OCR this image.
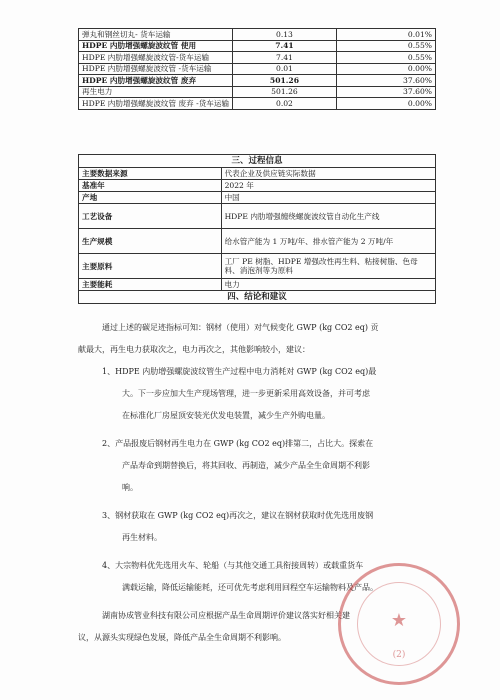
弹丸和钢丝切丸- 货车运输	0.13	0.01%
HDPE 内肋增强螺旋波纹管 使用	7.41	0.55%
HDPE 内肋增强螺旋波纹管-货车运输	7.41	0.55%
HDPE 内肋增强螺旋波纹管 -货车运输	0.01	0.00%
HDPE 内肋增强螺旋波纹管 废弃	501.26	37.60%
再生电力	501.26	37.60%
HDPE 内肋增强螺旋波纹管 废弃 -货车运输	0.02	0.00%
三、过程信息	
主要数据来源	代表企业及供应链实际数据
基准年	2022 年
产地	中国
工艺设备	HDPE 内肋增强缠绕螺旋波纹管自动化生产线
生产规模	给水管产能为 1 万吨/年、排水管产能为 2 万吨/年
主要原料	工厂 PE 树脂、HDPE 增强改性再生料、粘接树脂、色母料、消泡剂等为原料
主要能耗	电力
四、结论和建议	
通过上述的碳足迹指标可知：钢材（使用）对气候变化 GWP (kg CO2 eq) 贡
献最大，再生电力获取次之，电力再次之，其他影响较小，建议：
1、HDPE 内肋增强螺旋波纹管生产过程中电力消耗对 GWP (kg CO2 eq)最
大。下一步应加大生产现场管理，进一步更新采用高效设备，并可考虑
在标准化厂房屋顶安装光伏发电装置，减少生产外购电量。
2、产品报废后钢材再生电力在 GWP (kg CO2 eq)排第二，占比大。探索在
产品寿命到期替换后，将其回收、再制造，减少产品全生命周期不利影
响。
3、钢材获取在 GWP (kg CO2 eq)再次之，建议在钢材获取时优先选用废钢
再生材料。
4、大宗物料优先选用火车、轮船（与其他交通工具衔接周转）或载重货车
满载运输，降低运输能耗，还可优先考虑利用回程空车运输物料及产品。
湖南协成管业科技有限公司应根据产品生命周期评价建议落实好相关建
议，从源头实现绿色发展，降低产品全生命周期不利影响。
★
(2)
